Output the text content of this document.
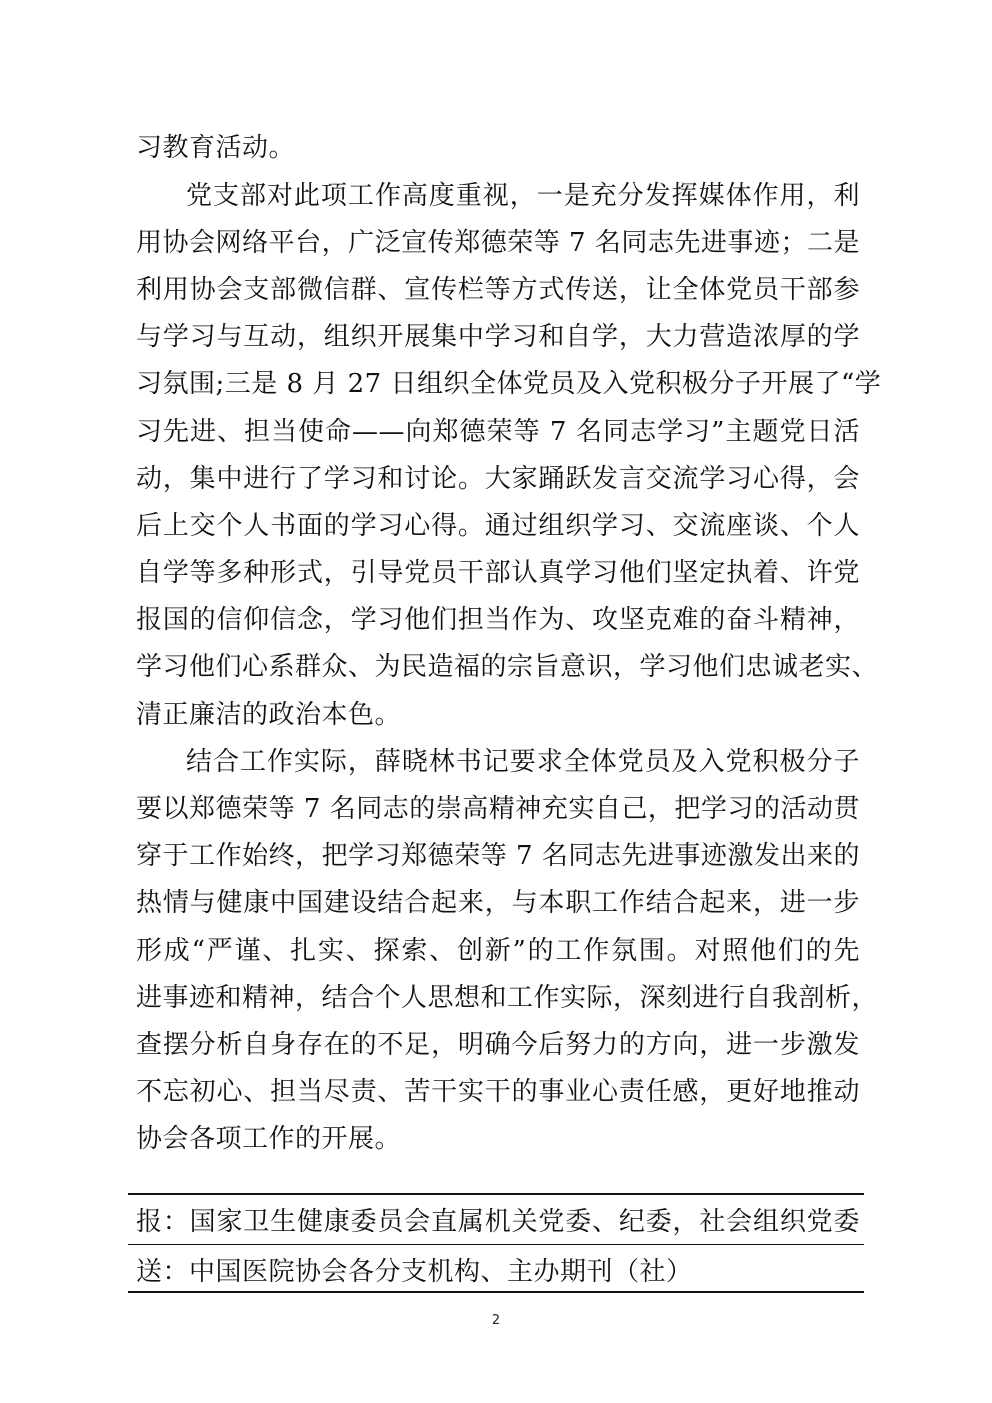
习教育活动。
党支部对此项工作高度重视，一是充分发挥媒体作用，利
用协会网络平台，广泛宣传郑德荣等 7 名同志先进事迹；二是
利用协会支部微信群、宣传栏等方式传送，让全体党员干部参
与学习与互动，组织开展集中学习和自学，大力营造浓厚的学
习氛围;三是 8 月 27 日组织全体党员及入党积极分子开展了“学
习先进、担当使命——向郑德荣等 7 名同志学习”主题党日活
动，集中进行了学习和讨论。大家踊跃发言交流学习心得，会
后上交个人书面的学习心得。通过组织学习、交流座谈、个人
自学等多种形式，引导党员干部认真学习他们坚定执着、许党
报国的信仰信念，学习他们担当作为、攻坚克难的奋斗精神，
学习他们心系群众、为民造福的宗旨意识，学习他们忠诚老实、
清正廉洁的政治本色。
结合工作实际，薛晓林书记要求全体党员及入党积极分子
要以郑德荣等 7 名同志的崇高精神充实自己，把学习的活动贯
穿于工作始终，把学习郑德荣等 7 名同志先进事迹激发出来的
热情与健康中国建设结合起来，与本职工作结合起来，进一步
形成“严谨、扎实、探索、创新”的工作氛围。对照他们的先
进事迹和精神，结合个人思想和工作实际，深刻进行自我剖析，
查摆分析自身存在的不足，明确今后努力的方向，进一步激发
不忘初心、担当尽责、苦干实干的事业心责任感，更好地推动
协会各项工作的开展。
报：国家卫生健康委员会直属机关党委、纪委，社会组织党委
送：中国医院协会各分支机构、主办期刊（社）
2
